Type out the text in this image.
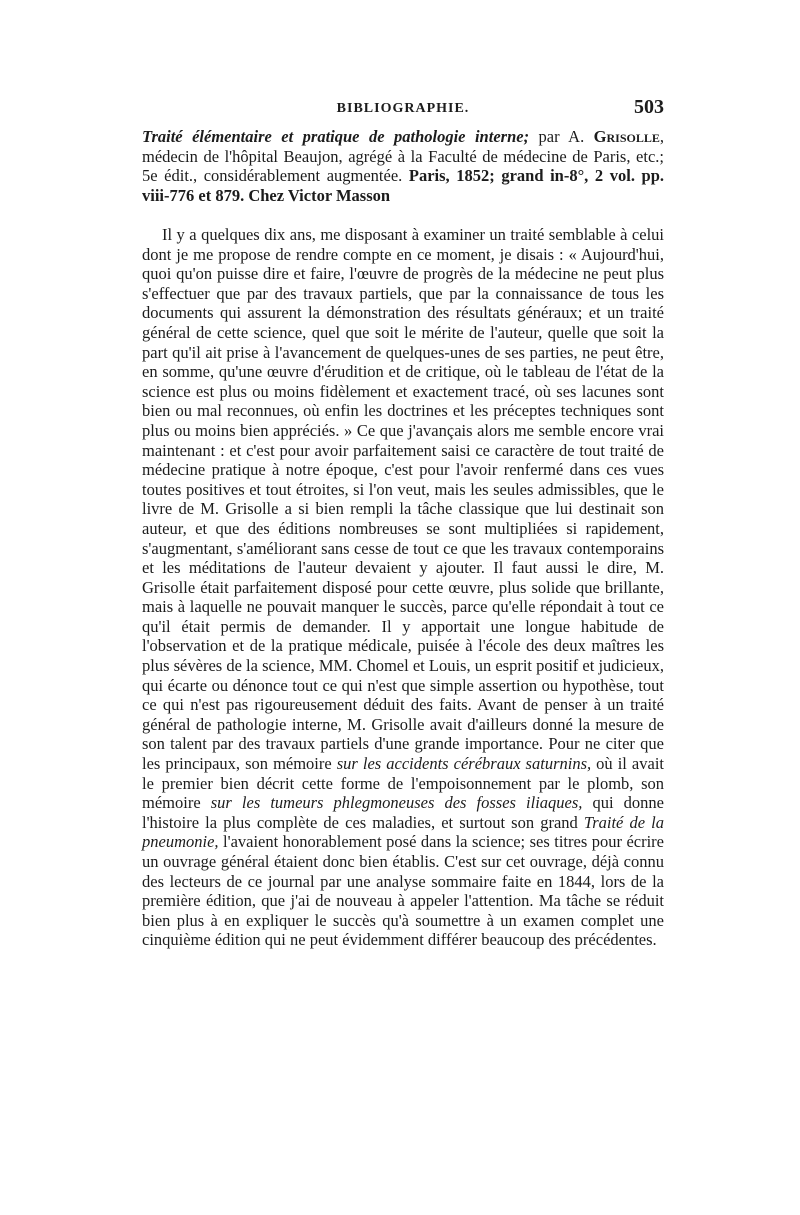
BIBLIOGRAPHIE.	503

Traité élémentaire et pratique de pathologie interne; par A. Grisolle, médecin de l'hôpital Beaujon, agrégé à la Faculté de médecine de Paris, etc.; 5e édit., considérablement augmentée. Paris, 1852; grand in-8°, 2 vol. pp. viii-776 et 879. Chez Victor Masson

Il y a quelques dix ans, me disposant à examiner un traité semblable à celui dont je me propose de rendre compte en ce moment, je disais : « Aujourd'hui, quoi qu'on puisse dire et faire, l'œuvre de progrès de la médecine ne peut plus s'effectuer que par des travaux partiels, que par la connaissance de tous les documents qui assurent la démonstration des résultats généraux; et un traité général de cette science, quel que soit le mérite de l'auteur, quelle que soit la part qu'il ait prise à l'avancement de quelques-unes de ses parties, ne peut être, en somme, qu'une œuvre d'érudition et de critique, où le tableau de l'état de la science est plus ou moins fidèlement et exactement tracé, où ses lacunes sont bien ou mal reconnues, où enfin les doctrines et les préceptes techniques sont plus ou moins bien appréciés. » Ce que j'avançais alors me semble encore vrai maintenant : et c'est pour avoir parfaitement saisi ce caractère de tout traité de médecine pratique à notre époque, c'est pour l'avoir renfermé dans ces vues toutes positives et tout étroites, si l'on veut, mais les seules admissibles, que le livre de M. Grisolle a si bien rempli la tâche classique que lui destinait son auteur, et que des éditions nombreuses se sont multipliées si rapidement, s'augmentant, s'améliorant sans cesse de tout ce que les travaux contemporains et les méditations de l'auteur devaient y ajouter. Il faut aussi le dire, M. Grisolle était parfaitement disposé pour cette œuvre, plus solide que brillante, mais à laquelle ne pouvait manquer le succès, parce qu'elle répondait à tout ce qu'il était permis de demander. Il y apportait une longue habitude de l'observation et de la pratique médicale, puisée à l'école des deux maîtres les plus sévères de la science, MM. Chomel et Louis, un esprit positif et judicieux, qui écarte ou dénonce tout ce qui n'est que simple assertion ou hypothèse, tout ce qui n'est pas rigoureusement déduit des faits. Avant de penser à un traité général de pathologie interne, M. Grisolle avait d'ailleurs donné la mesure de son talent par des travaux partiels d'une grande importance. Pour ne citer que les principaux, son mémoire sur les accidents cérébraux saturnins, où il avait le premier bien décrit cette forme de l'empoisonnement par le plomb, son mémoire sur les tumeurs phlegmoneuses des fosses iliaques, qui donne l'histoire la plus complète de ces maladies, et surtout son grand Traité de la pneumonie, l'avaient honorablement posé dans la science; ses titres pour écrire un ouvrage général étaient donc bien établis. C'est sur cet ouvrage, déjà connu des lecteurs de ce journal par une analyse sommaire faite en 1844, lors de la première édition, que j'ai de nouveau à appeler l'attention. Ma tâche se réduit bien plus à en expliquer le succès qu'à soumettre à un examen complet une cinquième édition qui ne peut évidemment différer beaucoup des précédentes.
